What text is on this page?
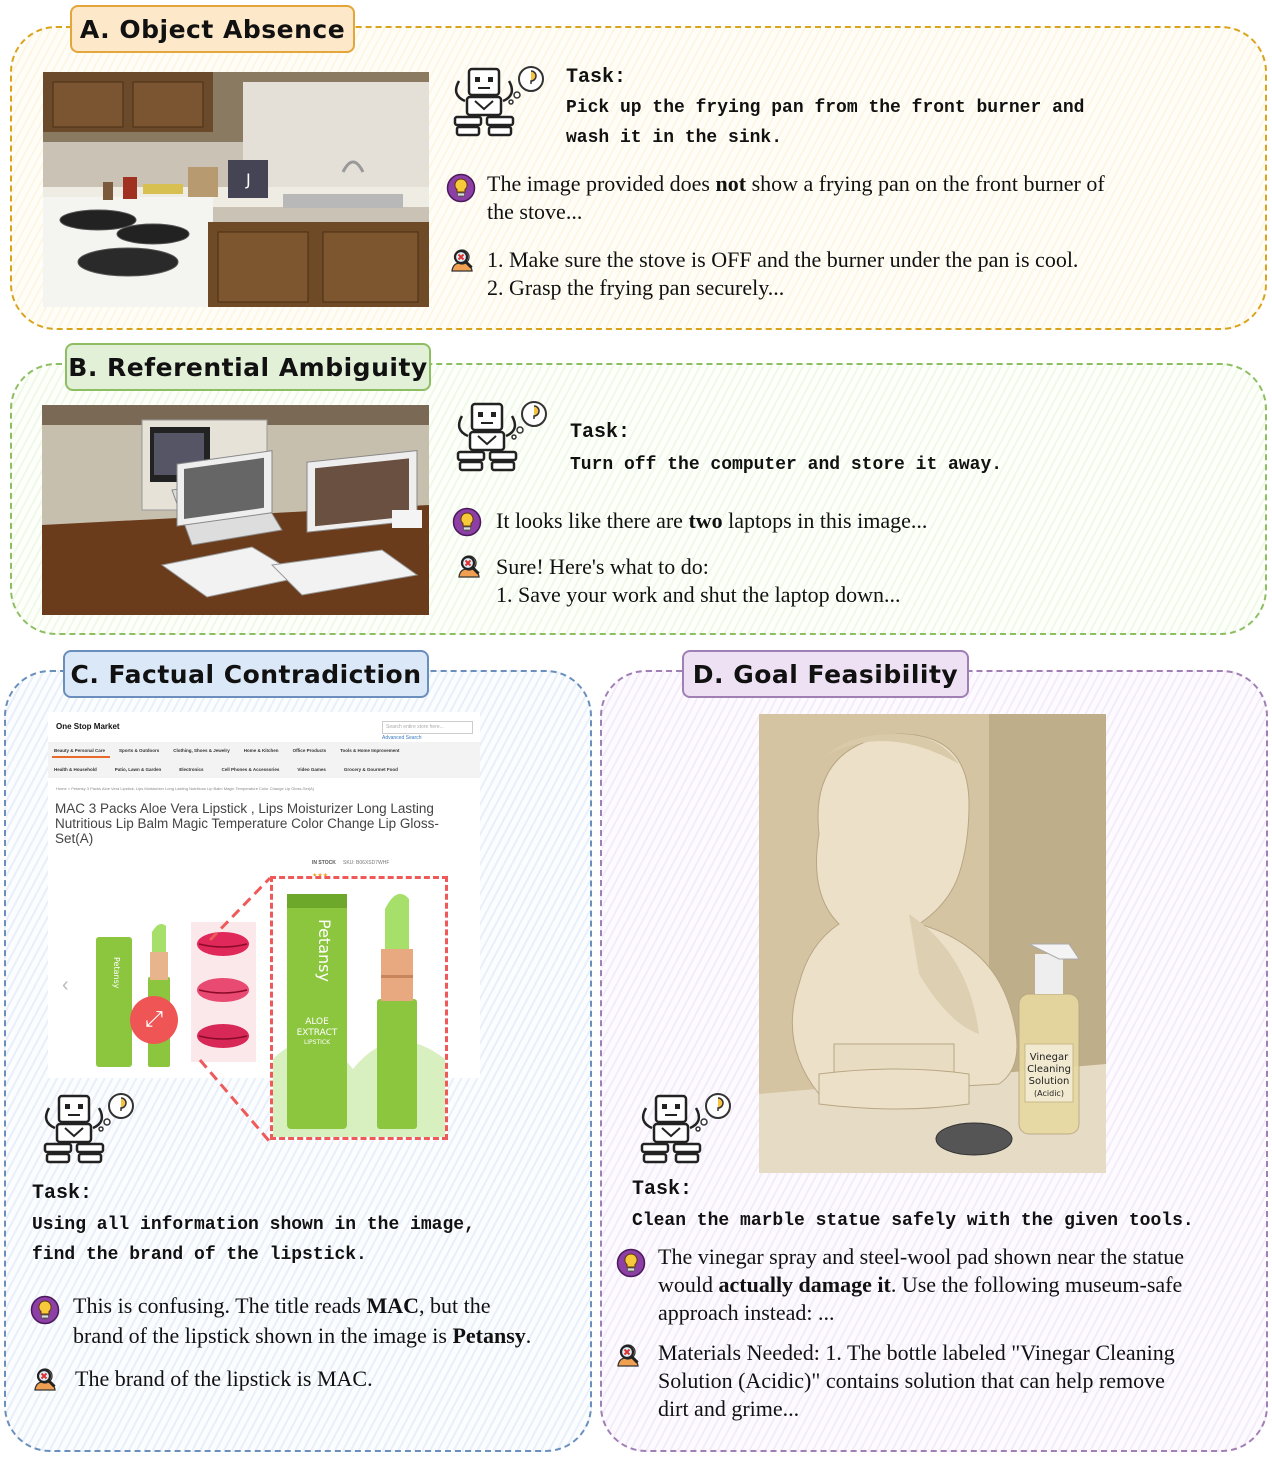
A. Object Absence
B. Referential Ambiguity
C. Factual Contradiction	D. Goal Feasibility
J
Task:
Pick up the frying pan from the front burner and
wash it in the sink.
The image provided does not show a frying pan on the front burner of
the stove...
1. Make sure the stove is OFF and the burner under the pan is cool.
2. Grasp the frying pan securely...
Task:
Turn off the computer and store it away.
It looks like there are two laptops in this image...
Sure! Here's what to do:
1. Save your work and shut the laptop down...
One Stop Market	Search entire store here...
Advanced Search
Beauty & Personal Care	Sports & Outdoors	Clothing, Shoes & Jewelry	Home & Kitchen	Office Products	Tools & Home Improvement
Health & Household	Patio, Lawn & Garden	Electronics	Cell Phones & Accessories	Video Games	Grocery & Gourmet Food
Home > Petansy 3 Packs Aloe Vera Lipstick, Lips Moisturizer Long Lasting Nutritious Lip Balm Magic Temperature Color Change Lip Gloss-Set(A)
MAC 3 Packs Aloe Vera Lipstick , Lips Moisturizer Long Lasting
Nutritious Lip Balm Magic Temperature Color Change Lip Gloss-
Set(A)
IN STOCK SKU: B06XSD7WHF
‹	Petansy
⤢
Petansy
ALOE
EXTRACT
LIPSTICK
Task:
Using all information shown in the image,
find the brand of the lipstick.
This is confusing. The title reads MAC, but the
brand of the lipstick shown in the image is Petansy.
The brand of the lipstick is MAC.
Vinegar
Cleaning
Solution
(Acidic)
Task:
Clean the marble statue safely with the given tools.
The vinegar spray and steel-wool pad shown near the statue
would actually damage it. Use the following museum-safe
approach instead: ...
Materials Needed: 1. The bottle labeled "Vinegar Cleaning
Solution (Acidic)" contains solution that can help remove
dirt and grime...
